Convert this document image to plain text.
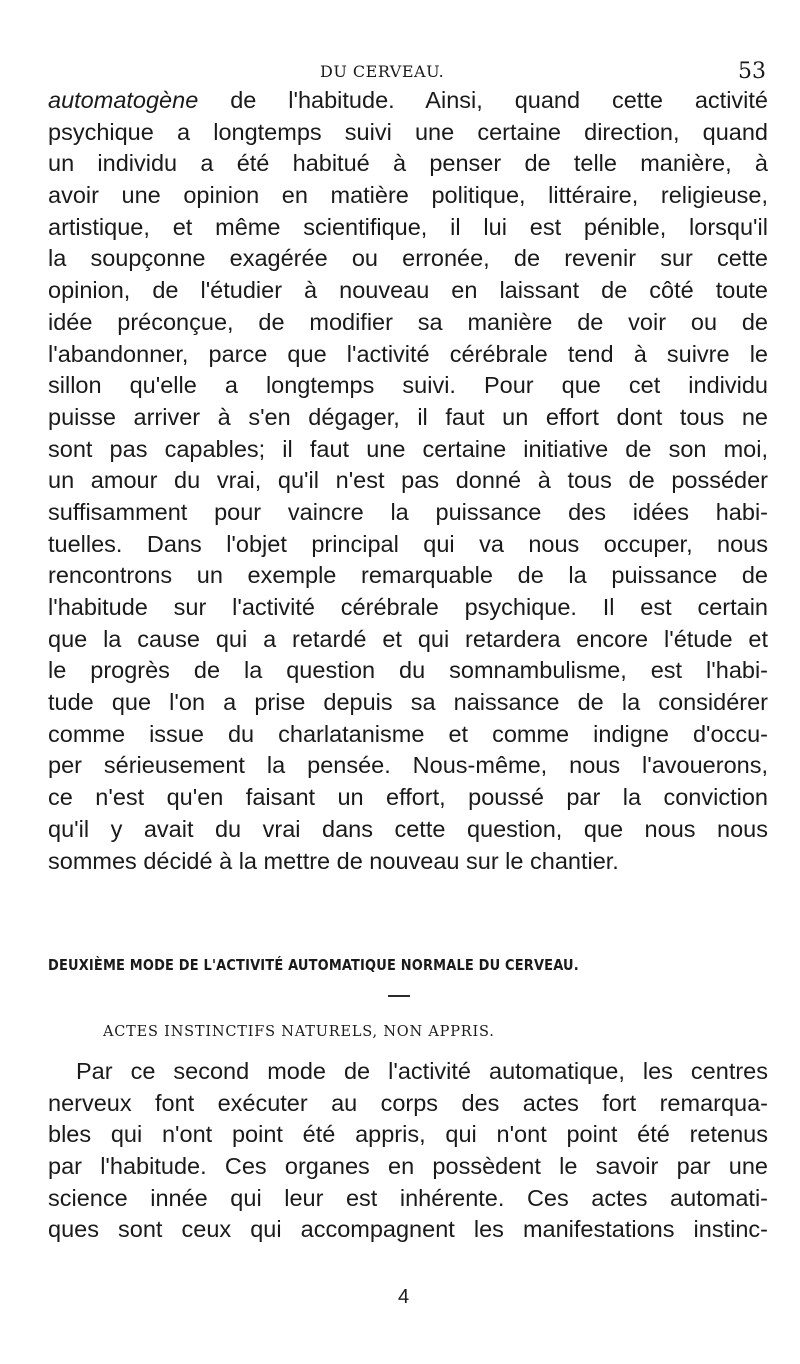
DU CERVEAU.	53
automatogène de l'habitude. Ainsi, quand cette activité
psychique a longtemps suivi une certaine direction, quand
un individu a été habitué à penser de telle manière, à
avoir une opinion en matière politique, littéraire, religieuse,
artistique, et même scientifique, il lui est pénible, lorsqu'il
la soupçonne exagérée ou erronée, de revenir sur cette
opinion, de l'étudier à nouveau en laissant de côté toute
idée préconçue, de modifier sa manière de voir ou de
l'abandonner, parce que l'activité cérébrale tend à suivre le
sillon qu'elle a longtemps suivi. Pour que cet individu
puisse arriver à s'en dégager, il faut un effort dont tous ne
sont pas capables; il faut une certaine initiative de son moi,
un amour du vrai, qu'il n'est pas donné à tous de posséder
suffisamment pour vaincre la puissance des idées habi-
tuelles. Dans l'objet principal qui va nous occuper, nous
rencontrons un exemple remarquable de la puissance de
l'habitude sur l'activité cérébrale psychique. Il est certain
que la cause qui a retardé et qui retardera encore l'étude et
le progrès de la question du somnambulisme, est l'habi-
tude que l'on a prise depuis sa naissance de la considérer
comme issue du charlatanisme et comme indigne d'occu-
per sérieusement la pensée. Nous-même, nous l'avouerons,
ce n'est qu'en faisant un effort, poussé par la conviction
qu'il y avait du vrai dans cette question, que nous nous
sommes décidé à la mettre de nouveau sur le chantier.
DEUXIÈME MODE DE L'ACTIVITÉ AUTOMATIQUE NORMALE DU CERVEAU.
ACTES INSTINCTIFS NATURELS, NON APPRIS.
Par ce second mode de l'activité automatique, les centres
nerveux font exécuter au corps des actes fort remarqua-
bles qui n'ont point été appris, qui n'ont point été retenus
par l'habitude. Ces organes en possèdent le savoir par une
science innée qui leur est inhérente. Ces actes automati-
ques sont ceux qui accompagnent les manifestations instinc-
4
